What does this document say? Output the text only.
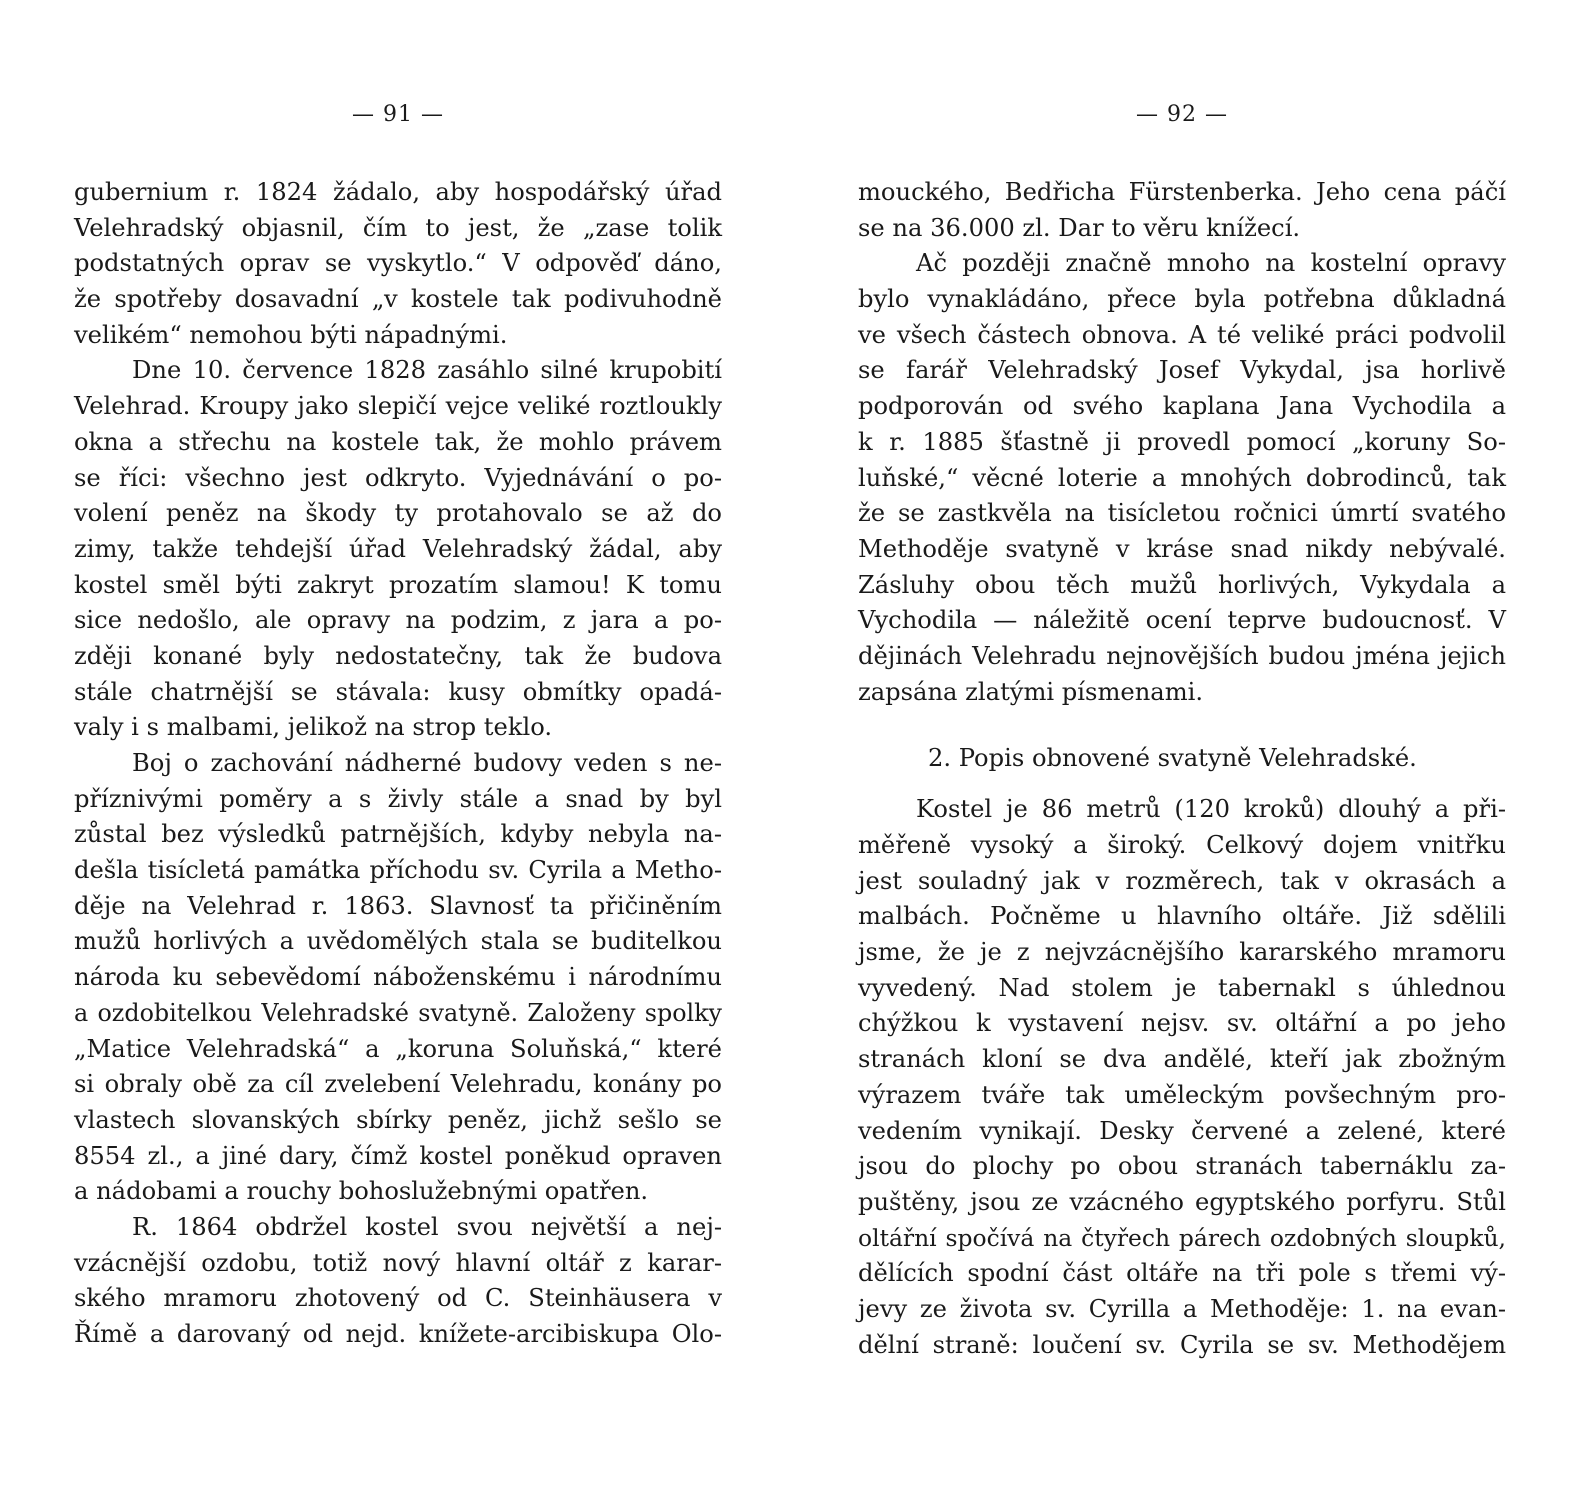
— 91 —
gubernium r. 1824 žádalo, aby hospodářský úřad
Velehradský objasnil, čím to jest, že „zase tolik
podstatných oprav se vyskytlo.“ V odpověď dáno,
že spotřeby dosavadní „v kostele tak podivuhodně
velikém“ nemohou býti nápadnými.
Dne 10. července 1828 zasáhlo silné krupobití
Velehrad. Kroupy jako slepičí vejce veliké roztloukly
okna a střechu na kostele tak, že mohlo právem
se říci: všechno jest odkryto. Vyjednávání o po-
volení peněz na škody ty protahovalo se až do
zimy, takže tehdejší úřad Velehradský žádal, aby
kostel směl býti zakryt prozatím slamou! K tomu
sice nedošlo, ale opravy na podzim, z jara a po-
zději konané byly nedostatečny, tak že budova
stále chatrnější se stávala: kusy obmítky opadá-
valy i s malbami, jelikož na strop teklo.
Boj o zachování nádherné budovy veden s ne-
příznivými poměry a s živly stále a snad by byl
zůstal bez výsledků patrnějších, kdyby nebyla na-
dešla tisícletá památka příchodu sv. Cyrila a Metho-
děje na Velehrad r. 1863. Slavnosť ta přičiněním
mužů horlivých a uvědomělých stala se buditelkou
národa ku sebevědomí náboženskému i národnímu
a ozdobitelkou Velehradské svatyně. Založeny spolky
„Matice Velehradská“ a „koruna Soluňská,“ které
si obraly obě za cíl zvelebení Velehradu, konány po
vlastech slovanských sbírky peněz, jichž sešlo se
8554 zl., a jiné dary, čímž kostel poněkud opraven
a nádobami a rouchy bohoslužebnými opatřen.
R. 1864 obdržel kostel svou největší a nej-
vzácnější ozdobu, totiž nový hlavní oltář z karar-
ského mramoru zhotovený od C. Steinhäusera v
Římě a darovaný od nejd. knížete-arcibiskupa Olo-
— 92 —
mouckého, Bedřicha Fürstenberka. Jeho cena páčí
se na 36.000 zl. Dar to věru knížecí.
Ač později značně mnoho na kostelní opravy
bylo vynakládáno, přece byla potřebna důkladná
ve všech částech obnova. A té veliké práci podvolil
se farář Velehradský Josef Vykydal, jsa horlivě
podporován od svého kaplana Jana Vychodila a
k r. 1885 šťastně ji provedl pomocí „koruny So-
luňské,“ věcné loterie a mnohých dobrodinců, tak
že se zastkvěla na tisícletou ročnici úmrtí svatého
Methoděje svatyně v kráse snad nikdy nebývalé.
Zásluhy obou těch mužů horlivých, Vykydala a
Vychodila — náležitě ocení teprve budoucnosť. V
dějinách Velehradu nejnovějších budou jména jejich
zapsána zlatými písmenami.
2. Popis obnovené svatyně Velehradské.
Kostel je 86 metrů (120 kroků) dlouhý a při-
měřeně vysoký a široký. Celkový dojem vnitřku
jest souladný jak v rozměrech, tak v okrasách a
malbách. Počněme u hlavního oltáře. Již sdělili
jsme, že je z nejvzácnějšího kararského mramoru
vyvedený. Nad stolem je tabernakl s úhlednou
chýžkou k vystavení nejsv. sv. oltářní a po jeho
stranách kloní se dva andělé, kteří jak zbožným
výrazem tváře tak uměleckým povšechným pro-
vedením vynikají. Desky červené a zelené, které
jsou do plochy po obou stranách tabernáklu za-
puštěny, jsou ze vzácného egyptského porfyru. Stůl
oltářní spočívá na čtyřech párech ozdobných sloupků,
dělících spodní část oltáře na tři pole s třemi vý-
jevy ze života sv. Cyrilla a Methoděje: 1. na evan-
dělní straně: loučení sv. Cyrila se sv. Methodějem
